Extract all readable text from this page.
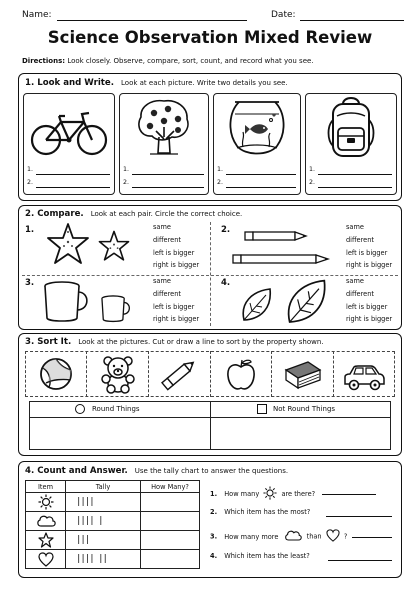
Name:	Date:
Science Observation Mixed Review
Directions: Look closely. Observe, compare, sort, count, and record what you see.
1. Look and Write. Look at each picture. Write two details you see.
1.
2.
1.
2.
1.
2.
1.
2.
2. Compare. Look at each pair. Circle the correct choice.
1.	same
different
left is bigger
right is bigger
2.	same
different
left is bigger
right is bigger
3.	same
different
left is bigger
right is bigger
4.	same
different
left is bigger
right is bigger
3. Sort It. Look at the pictures. Cut or draw a line to sort by the property shown.
Round Things	Not Round Things
4. Count and Answer. Use the tally chart to answer the questions.
Item	Tally	How Many?
	||||	
	|||| |	
	|||	
	|||| ||	
1. How many	are there?
2. Which item has the most?
3. How many more	than	?
4. Which item has the least?
